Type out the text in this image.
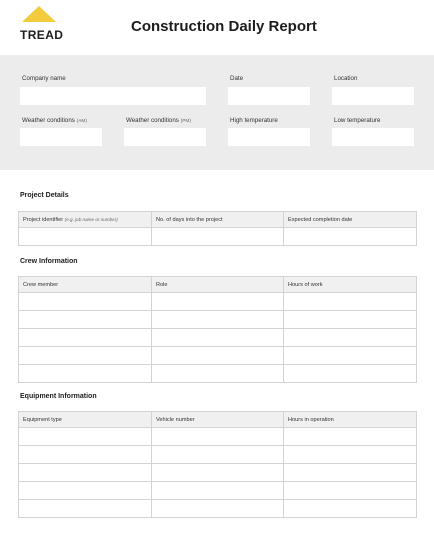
TREAD	Construction Daily Report
Company name	Date	Location
Weather conditions (AM)	Weather conditions (PM)	High temperature	Low temperature
Project Details
Project identifier (e.g. job name or number)	No. of days into the project	Expected completion date

Crew Information
Crew member	Role	Hours of work

Equipment Information
Equipment type	Vehicle number	Hours in operation
